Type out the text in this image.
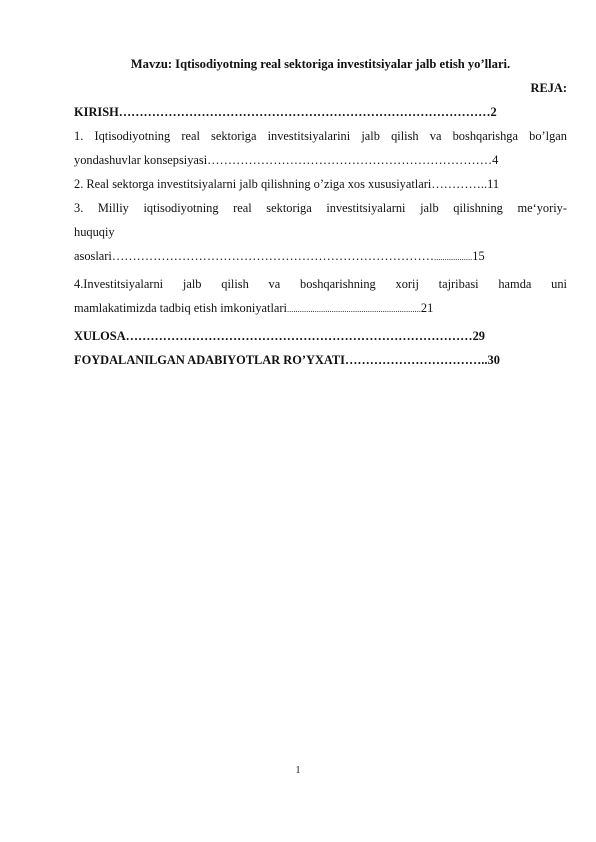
Mavzu: Iqtisodiyotning real sektoriga investitsiyalar jalb etish yo’llari.
REJA:
KIRISH………………………………………………………………………………2
1. Iqtisodiyotning real sektoriga investitsiyalarini jalb qilish va boshqarishga bo’lgan
yondashuvlar konsepsiyasi……………………………………………………………4
2. Real sektorga investitsiyalarni jalb qilishning o’ziga xos xususiyatlari…………..11
3. Milliy iqtisodiyotning real sektoriga investitsiyalarni jalb qilishning me‘yoriy-
huquqiy
asoslari……………………………………………………………………..................15
4.Investitsiyalarni jalb qilish va boshqarishning xorij tajribasi hamda uni
mamlakatimizda tadbiq etish imkoniyatlari...............................................................21
XULOSA…………………………………………………………………………29
FOYDALANILGAN ADABIYOTLAR RO’YXATI……………………………..30
1
